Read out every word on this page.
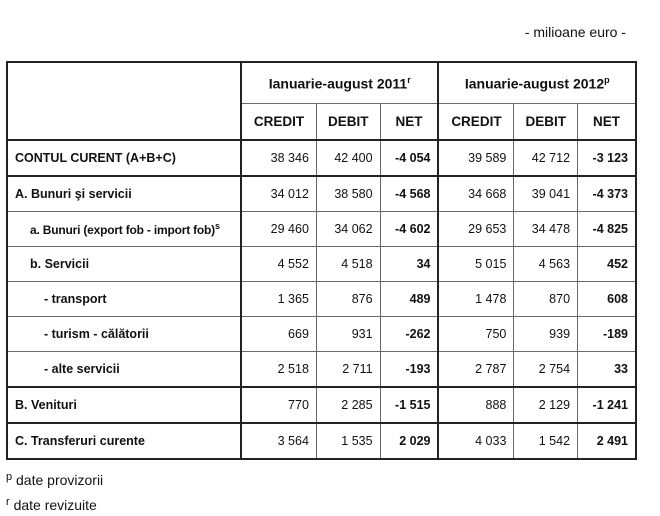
- milioane euro -
	Ianuarie-august 2011$^r$			Ianuarie-august 2012$^p$
	CREDIT	DEBIT	NET	CREDIT	DEBIT	NET
CONTUL CURENT (A+B+C)	38 346	42 400	-4 054	39 589	42 712	-3 123
A. Bunuri şi servicii	34 012	38 580	-4 568	34 668	39 041	-4 373
a. Bunuri (export fob - import fob)$^s$	29 460	34 062	-4 602	29 653	34 478	-4 825
b. Servicii	4 552	4 518	34	5 015	4 563	452
- transport	1 365	876	489	1 478	870	608
- turism - călătorii	669	931	-262	750	939	-189
- alte servicii	2 518	2 711	-193	2 787	2 754	33
B. Venituri	770	2 285	-1 515	888	2 129	-1 241
C. Transferuri curente	3 564	1 535	2 029	4 033	1 542	2 491
$^p$ date provizorii
$^r$ date revizuite
